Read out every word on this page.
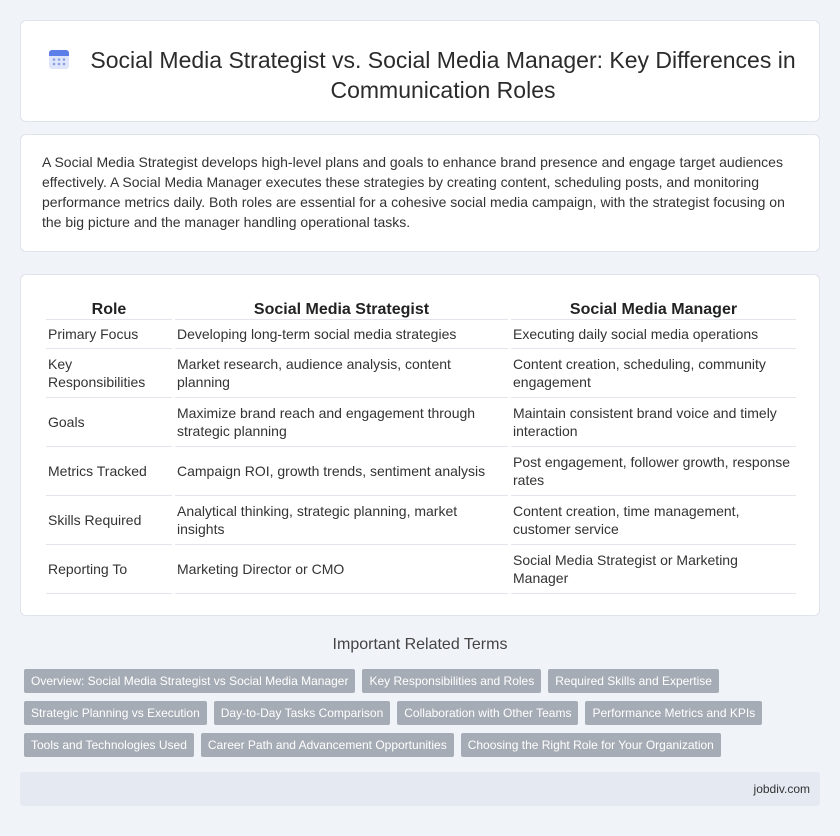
Social Media Strategist vs. Social Media Manager: Key Differences in Communication Roles

A Social Media Strategist develops high-level plans and goals to enhance brand presence and engage target audiences effectively. A Social Media Manager executes these strategies by creating content, scheduling posts, and monitoring performance metrics daily. Both roles are essential for a cohesive social media campaign, with the strategist focusing on the big picture and the manager handling operational tasks.

Role	Social Media Strategist	Social Media Manager
Primary Focus	Developing long-term social media strategies	Executing daily social media operations
Key Responsibilities	Market research, audience analysis, content planning	Content creation, scheduling, community engagement
Goals	Maximize brand reach and engagement through strategic planning	Maintain consistent brand voice and timely interaction
Metrics Tracked	Campaign ROI, growth trends, sentiment analysis	Post engagement, follower growth, response rates
Skills Required	Analytical thinking, strategic planning, market insights	Content creation, time management, customer service
Reporting To	Marketing Director or CMO	Social Media Strategist or Marketing Manager
Important Related Terms
Overview: Social Media Strategist vs Social Media Manager	Key Responsibilities and Roles	Required Skills and Expertise
Strategic Planning vs Execution	Day-to-Day Tasks Comparison	Collaboration with Other Teams	Performance Metrics and KPIs
Tools and Technologies Used	Career Path and Advancement Opportunities	Choosing the Right Role for Your Organization
jobdiv.com
